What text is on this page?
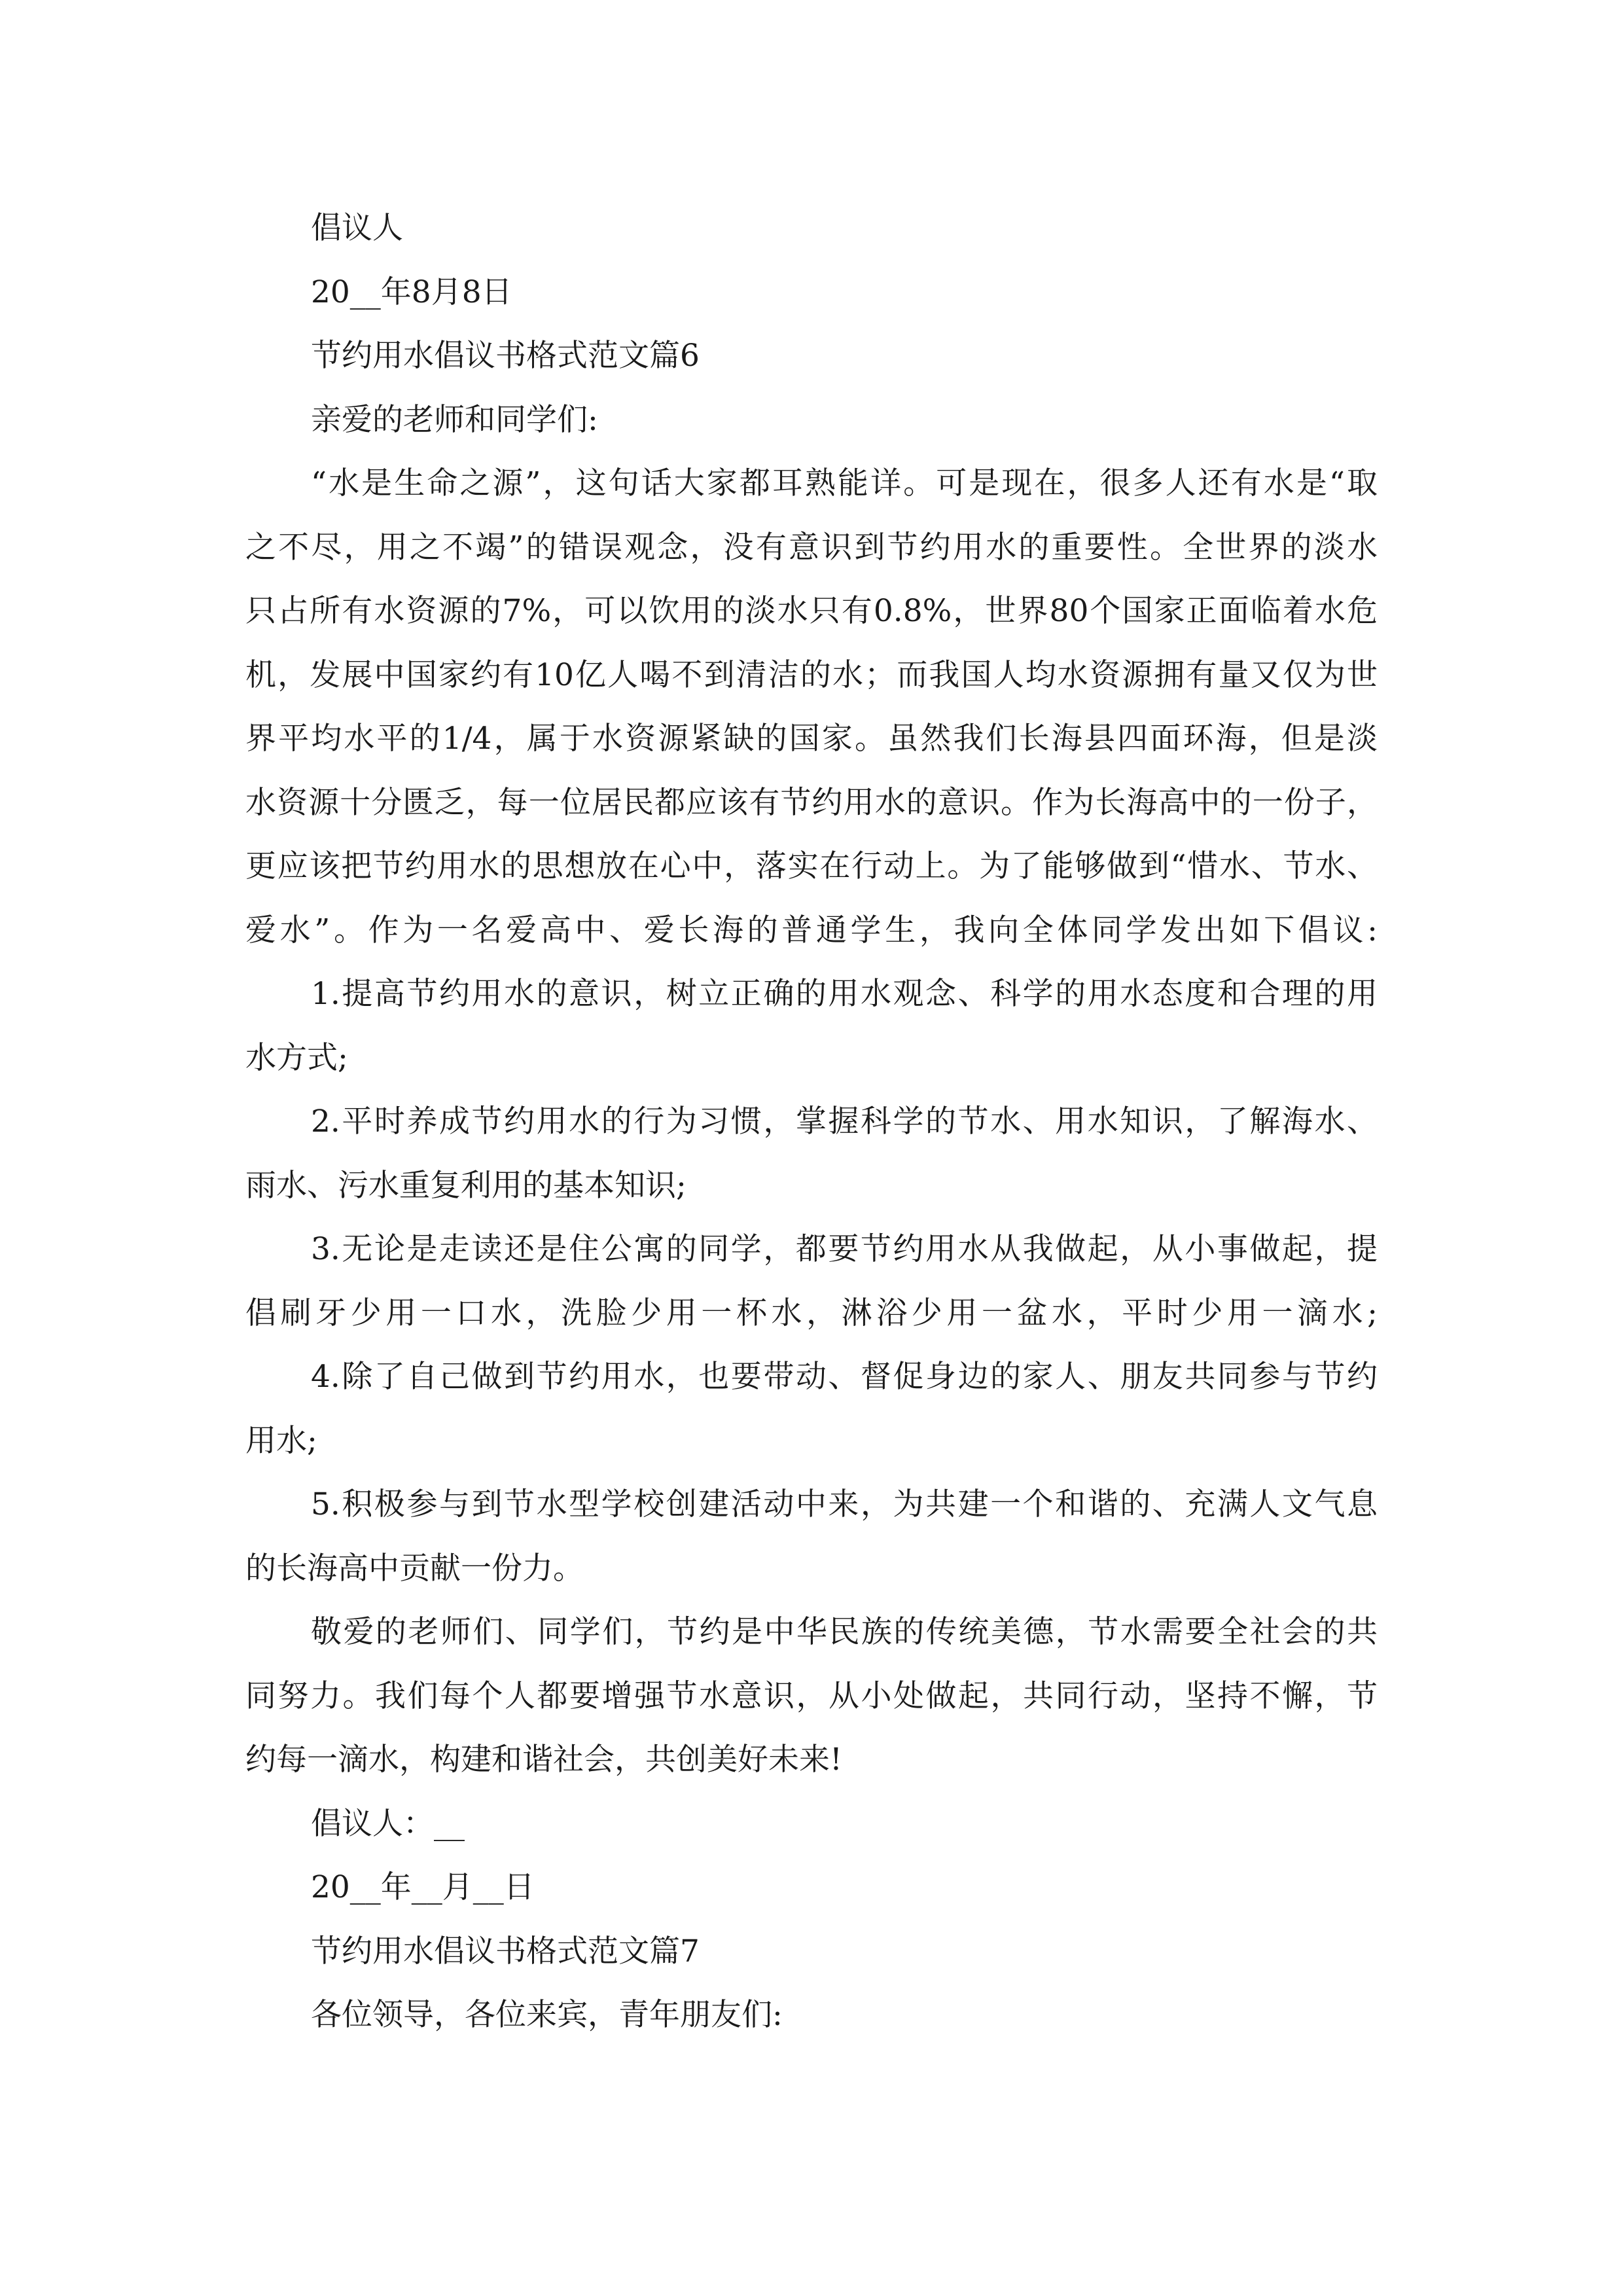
倡议人

20__年8月8日

节约用水倡议书格式范文篇6

亲爱的老师和同学们:

“水是生命之源”，这句话大家都耳熟能详。可是现在，很多人还有水是“取

之不尽，用之不竭”的错误观念，没有意识到节约用水的重要性。全世界的淡水

只占所有水资源的7%，可以饮用的淡水只有0.8%，世界80个国家正面临着水危

机，发展中国家约有10亿人喝不到清洁的水；而我国人均水资源拥有量又仅为世

界平均水平的1/4，属于水资源紧缺的国家。虽然我们长海县四面环海，但是淡

水资源十分匮乏，每一位居民都应该有节约用水的意识。作为长海高中的一份子，

更应该把节约用水的思想放在心中，落实在行动上。为了能够做到“惜水、节水、

爱水”。作为一名爱高中、爱长海的普通学生，我向全体同学发出如下倡议:

1.提高节约用水的意识，树立正确的用水观念、科学的用水态度和合理的用

水方式;

2.平时养成节约用水的行为习惯，掌握科学的节水、用水知识，了解海水、

雨水、污水重复利用的基本知识;

3.无论是走读还是住公寓的同学，都要节约用水从我做起，从小事做起，提

倡刷牙少用一口水，洗脸少用一杯水，淋浴少用一盆水，平时少用一滴水;

4.除了自己做到节约用水，也要带动、督促身边的家人、朋友共同参与节约

用水;

5.积极参与到节水型学校创建活动中来，为共建一个和谐的、充满人文气息

的长海高中贡献一份力。

敬爱的老师们、同学们，节约是中华民族的传统美德，节水需要全社会的共

同努力。我们每个人都要增强节水意识，从小处做起，共同行动，坚持不懈，节

约每一滴水，构建和谐社会，共创美好未来!

倡议人：__

20__年__月__日

节约用水倡议书格式范文篇7

各位领导，各位来宾，青年朋友们:
